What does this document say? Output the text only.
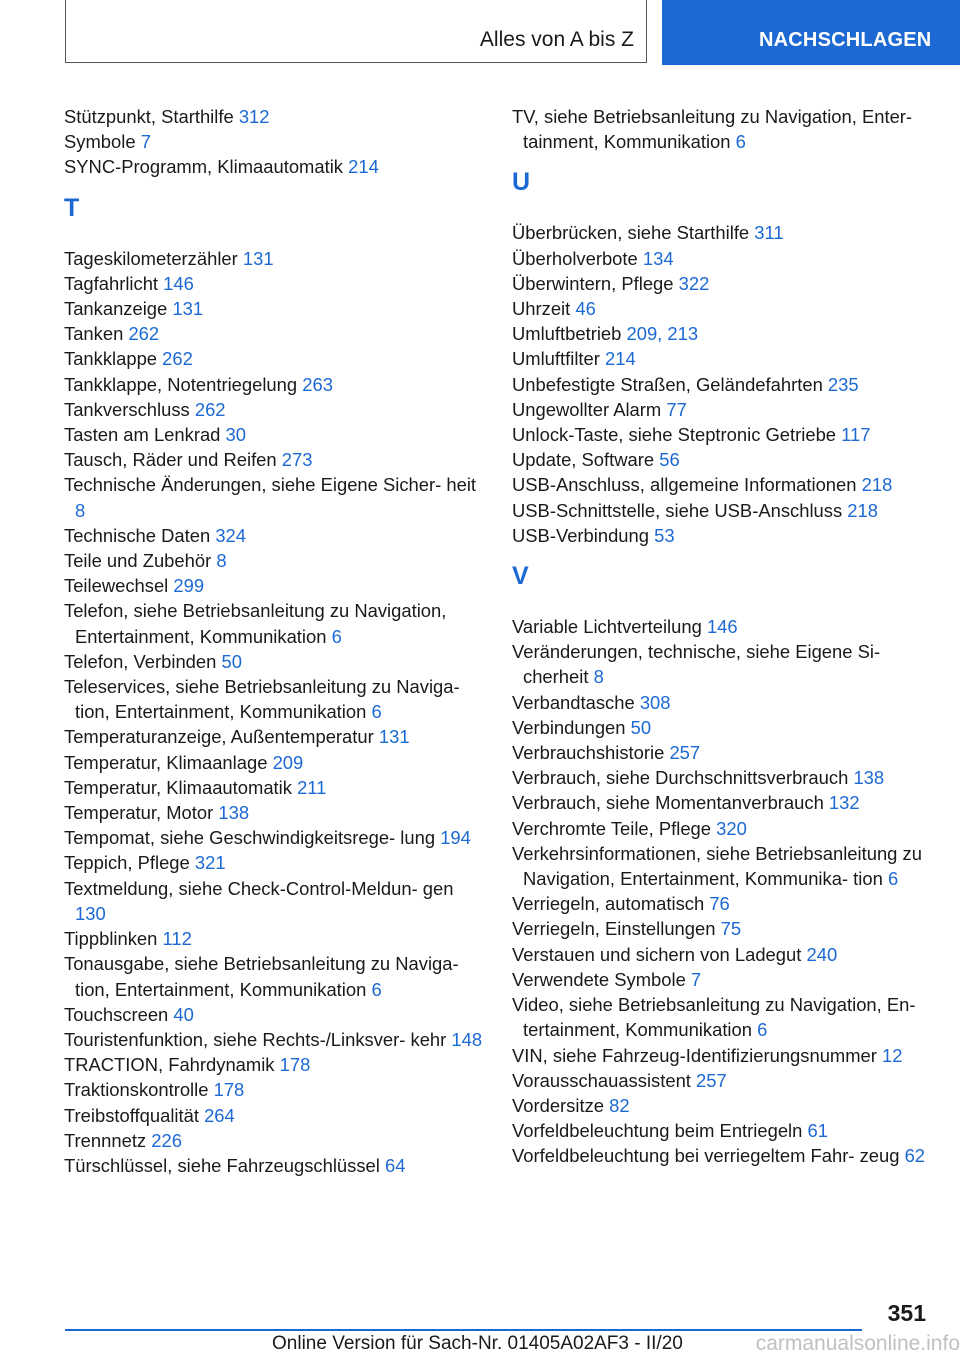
Alles von A bis Z	NACHSCHLAGEN
Stützpunkt, Starthilfe 312
Symbole 7
SYNC-Programm, Klimaautomatik 214
T
Tageskilometerzähler 131
Tagfahrlicht 146
Tankanzeige 131
Tanken 262
Tankklappe 262
Tankklappe, Notentriegelung 263
Tankverschluss 262
Tasten am Lenkrad 30
Tausch, Räder und Reifen 273
Technische Änderungen, siehe Eigene Sicher‐ heit 8
Technische Daten 324
Teile und Zubehör 8
Teilewechsel 299
Telefon, siehe Betriebsanleitung zu Navigation, Entertainment, Kommunikation 6
Telefon, Verbinden 50
Teleservices, siehe Betriebsanleitung zu Naviga‐ tion, Entertainment, Kommunikation 6
Temperaturanzeige, Außentemperatur 131
Temperatur, Klimaanlage 209
Temperatur, Klimaautomatik 211
Temperatur, Motor 138
Tempomat, siehe Geschwindigkeitsrege‐ lung 194
Teppich, Pflege 321
Textmeldung, siehe Check-Control-Meldun‐ gen 130
Tippblinken 112
Tonausgabe, siehe Betriebsanleitung zu Naviga‐ tion, Entertainment, Kommunikation 6
Touchscreen 40
Touristenfunktion, siehe Rechts-/Linksver‐ kehr 148
TRACTION, Fahrdynamik 178
Traktionskontrolle 178
Treibstoffqualität 264
Trennnetz 226
Türschlüssel, siehe Fahrzeugschlüssel 64
TV, siehe Betriebsanleitung zu Navigation, Enter‐ tainment, Kommunikation 6
U
Überbrücken, siehe Starthilfe 311
Überholverbote 134
Überwintern, Pflege 322
Uhrzeit 46
Umluftbetrieb 209, 213
Umluftfilter 214
Unbefestigte Straßen, Geländefahrten 235
Ungewollter Alarm 77
Unlock-Taste, siehe Steptronic Getriebe 117
Update, Software 56
USB-Anschluss, allgemeine Informationen 218
USB-Schnittstelle, siehe USB-Anschluss 218
USB-Verbindung 53
V
Variable Lichtverteilung 146
Veränderungen, technische, siehe Eigene Si‐ cherheit 8
Verbandtasche 308
Verbindungen 50
Verbrauchshistorie 257
Verbrauch, siehe Durchschnittsverbrauch 138
Verbrauch, siehe Momentanverbrauch 132
Verchromte Teile, Pflege 320
Verkehrsinformationen, siehe Betriebsanleitung zu Navigation, Entertainment, Kommunika‐ tion 6
Verriegeln, automatisch 76
Verriegeln, Einstellungen 75
Verstauen und sichern von Ladegut 240
Verwendete Symbole 7
Video, siehe Betriebsanleitung zu Navigation, En‐ tertainment, Kommunikation 6
VIN, siehe Fahrzeug-Identifizierungsnummer 12
Vorausschauassistent 257
Vordersitze 82
Vorfeldbeleuchtung beim Entriegeln 61
Vorfeldbeleuchtung bei verriegeltem Fahr‐ zeug 62
351
Online Version für Sach-Nr. 01405A02AF3 - II/20	carmanualsonline.info
